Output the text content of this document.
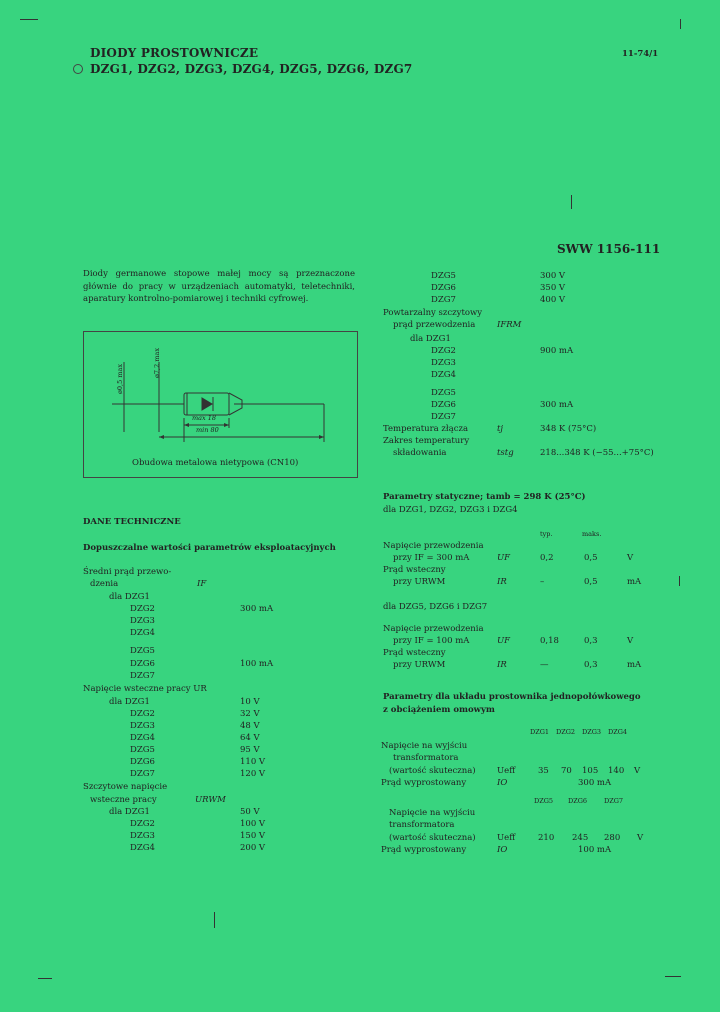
DIODY PROSTOWNICZE
DZG1, DZG2, DZG3, DZG4, DZG5, DZG6, DZG7
11-74/1
SWW 1156-111
Diody germanowe stopowe małej mocy są przeznaczone głównie do pracy w urządzeniach automatyki, teletechniki, aparatury kontrolno-pomiarowej i techniki cyfrowej.
ø0,5 max
ø7,2 max
max 18
min 80
Obudowa metalowa nietypowa (CN10)
DANE TECHNICZNE
Dopuszczalne wartości parametrów eksploatacyjnych
Średni prąd przewo-
dzenia	IF
dla DZG1
DZG2	300 mA
DZG3
DZG4
DZG5
DZG6	100 mA
DZG7
Napięcie wsteczne pracy UR
dla DZG1	10 V
DZG2	32 V
DZG3	48 V
DZG4	64 V
DZG5	95 V
DZG6	110 V
DZG7	120 V
Szczytowe napięcie
wsteczne pracy	URWM
dla DZG1	50 V
DZG2	100 V
DZG3	150 V
DZG4	200 V
DZG5	300 V
DZG6	350 V
DZG7	400 V
Powtarzalny szczytowy
prąd przewodzenia	IFRM
dla DZG1
DZG2	900 mA
DZG3
DZG4
DZG5
DZG6	300 mA
DZG7
Temperatura złącza	tj	348 K (75°C)
Zakres temperatury
składowania	tstg	218...348 K (−55...+75°C)
Parametry statyczne; tamb = 298 K (25°C)
dla DZG1, DZG2, DZG3 i DZG4
typ.	maks.
Napięcie przewodzenia
przy IF = 300 mA	UF	0,2	0,5	V
Prąd wsteczny
przy URWM	IR	–	0,5	mA
dla DZG5, DZG6 i DZG7
Napięcie przewodzenia
przy IF = 100 mA	UF	0,18	0,3	V
Prąd wsteczny
przy URWM	IR	—	0,3	mA
Parametry dla układu prostownika jednopołówkowego
z obciążeniem omowym
DZG1 DZG2 DZG3 DZG4
Napięcie na wyjściu
transformatora
(wartość skuteczna)	Ueff	35 70 105 140 V
Prąd wyprostowany	IO	300 mA
DZG5 DZG6	DZG7
Napięcie na wyjściu
transformatora
(wartość skuteczna)	Ueff	210 245 280 V
Prąd wyprostowany	IO	100 mA
